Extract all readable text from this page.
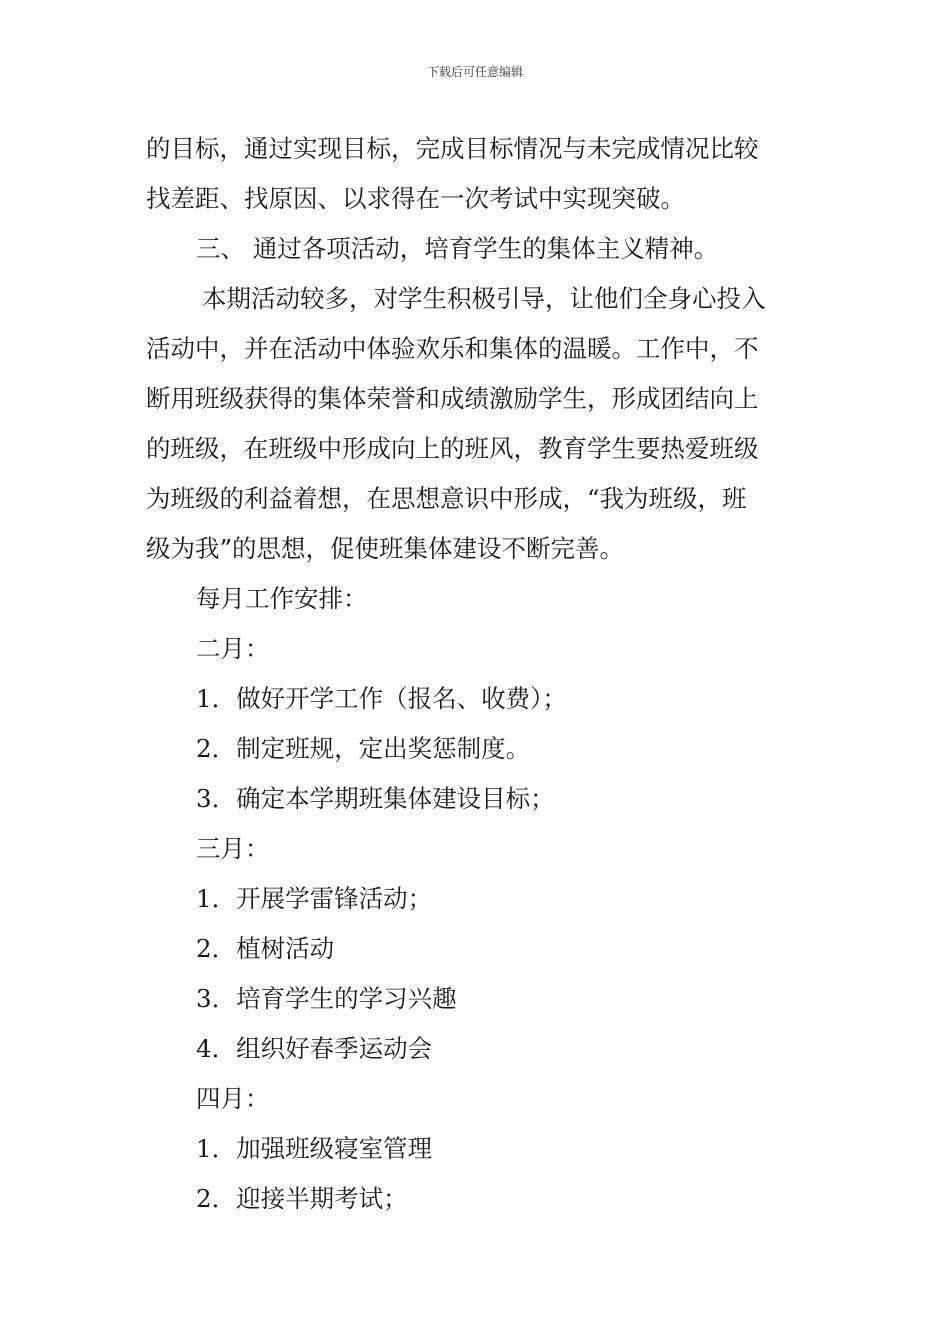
下载后可任意编辑

的目标，通过实现目标，完成目标情况与未完成情况比较

找差距、找原因、以求得在一次考试中实现突破。

三、 通过各项活动，培育学生的集体主义精神。

本期活动较多，对学生积极引导，让他们全身心投入

活动中，并在活动中体验欢乐和集体的温暖。工作中，不

断用班级获得的集体荣誉和成绩激励学生，形成团结向上

的班级，在班级中形成向上的班风，教育学生要热爱班级

为班级的利益着想，在思想意识中形成，“我为班级，班

级为我”的思想，促使班集体建设不断完善。

每月工作安排：

二月：

1．做好开学工作（报名、收费）；

2．制定班规，定出奖惩制度。

3．确定本学期班集体建设目标；

三月：

1．开展学雷锋活动；

2．植树活动

3．培育学生的学习兴趣

4．组织好春季运动会

四月：

1．加强班级寝室管理

2．迎接半期考试；
